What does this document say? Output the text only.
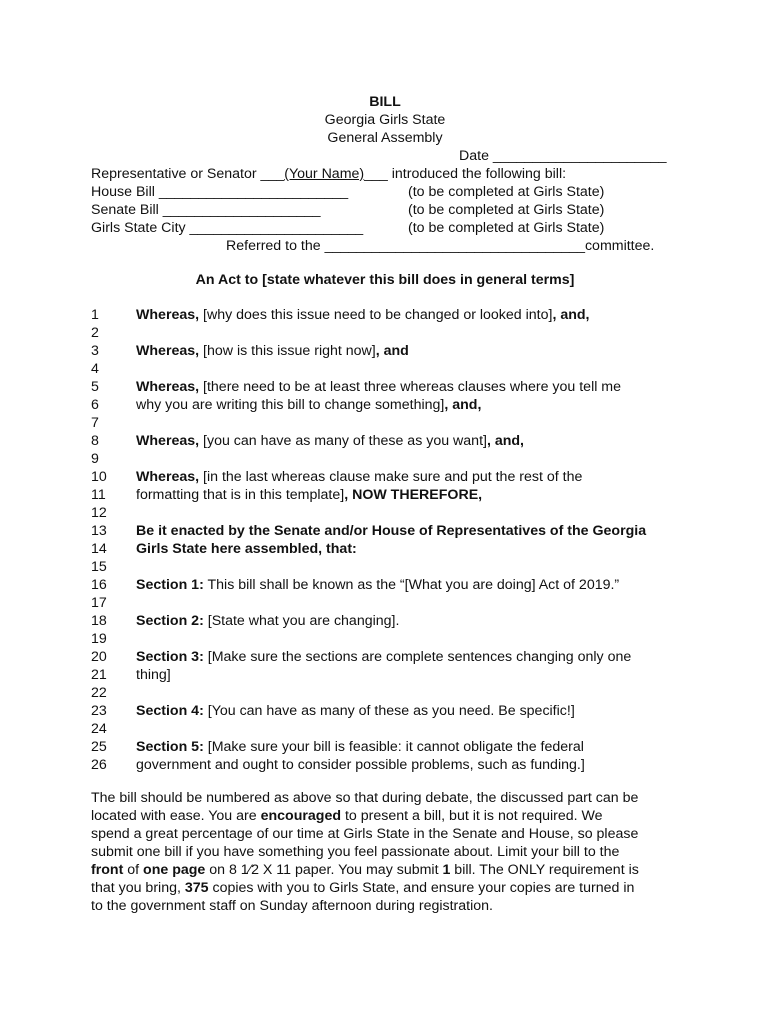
BILL
Georgia Girls State
General Assembly
Date ______________________
Representative or Senator ___(Your Name)___ introduced the following bill:
House Bill ________________________	(to be completed at Girls State)
Senate Bill ____________________	(to be completed at Girls State)
Girls State City ______________________	(to be completed at Girls State)
Referred to the _________________________________committee.
An Act to [state whatever this bill does in general terms]
1
2
3
4
5
6
7
8
9
10
11
12
13
14
15
16
17
18
19
20
21
22
23
24
25
26
Whereas, [why does this issue need to be changed or looked into], and,
Whereas, [how is this issue right now], and
Whereas, [there need to be at least three whereas clauses where you tell me
why you are writing this bill to change something], and,
Whereas, [you can have as many of these as you want], and,
Whereas, [in the last whereas clause make sure and put the rest of the
formatting that is in this template], NOW THEREFORE,
Be it enacted by the Senate and/or House of Representatives of the Georgia
Girls State here assembled, that:
Section 1: This bill shall be known as the “[What you are doing] Act of 2019.”
Section 2: [State what you are changing].
Section 3: [Make sure the sections are complete sentences changing only one
thing]
Section 4: [You can have as many of these as you need. Be specific!]
Section 5: [Make sure your bill is feasible: it cannot obligate the federal
government and ought to consider possible problems, such as funding.]
The bill should be numbered as above so that during debate, the discussed part can be
located with ease. You are encouraged to present a bill, but it is not required. We
spend a great percentage of our time at Girls State in the Senate and House, so please
submit one bill if you have something you feel passionate about. Limit your bill to the
front of one page on 8 1⁄2 X 11 paper. You may submit 1 bill. The ONLY requirement is
that you bring, 375 copies with you to Girls State, and ensure your copies are turned in
to the government staff on Sunday afternoon during registration.
